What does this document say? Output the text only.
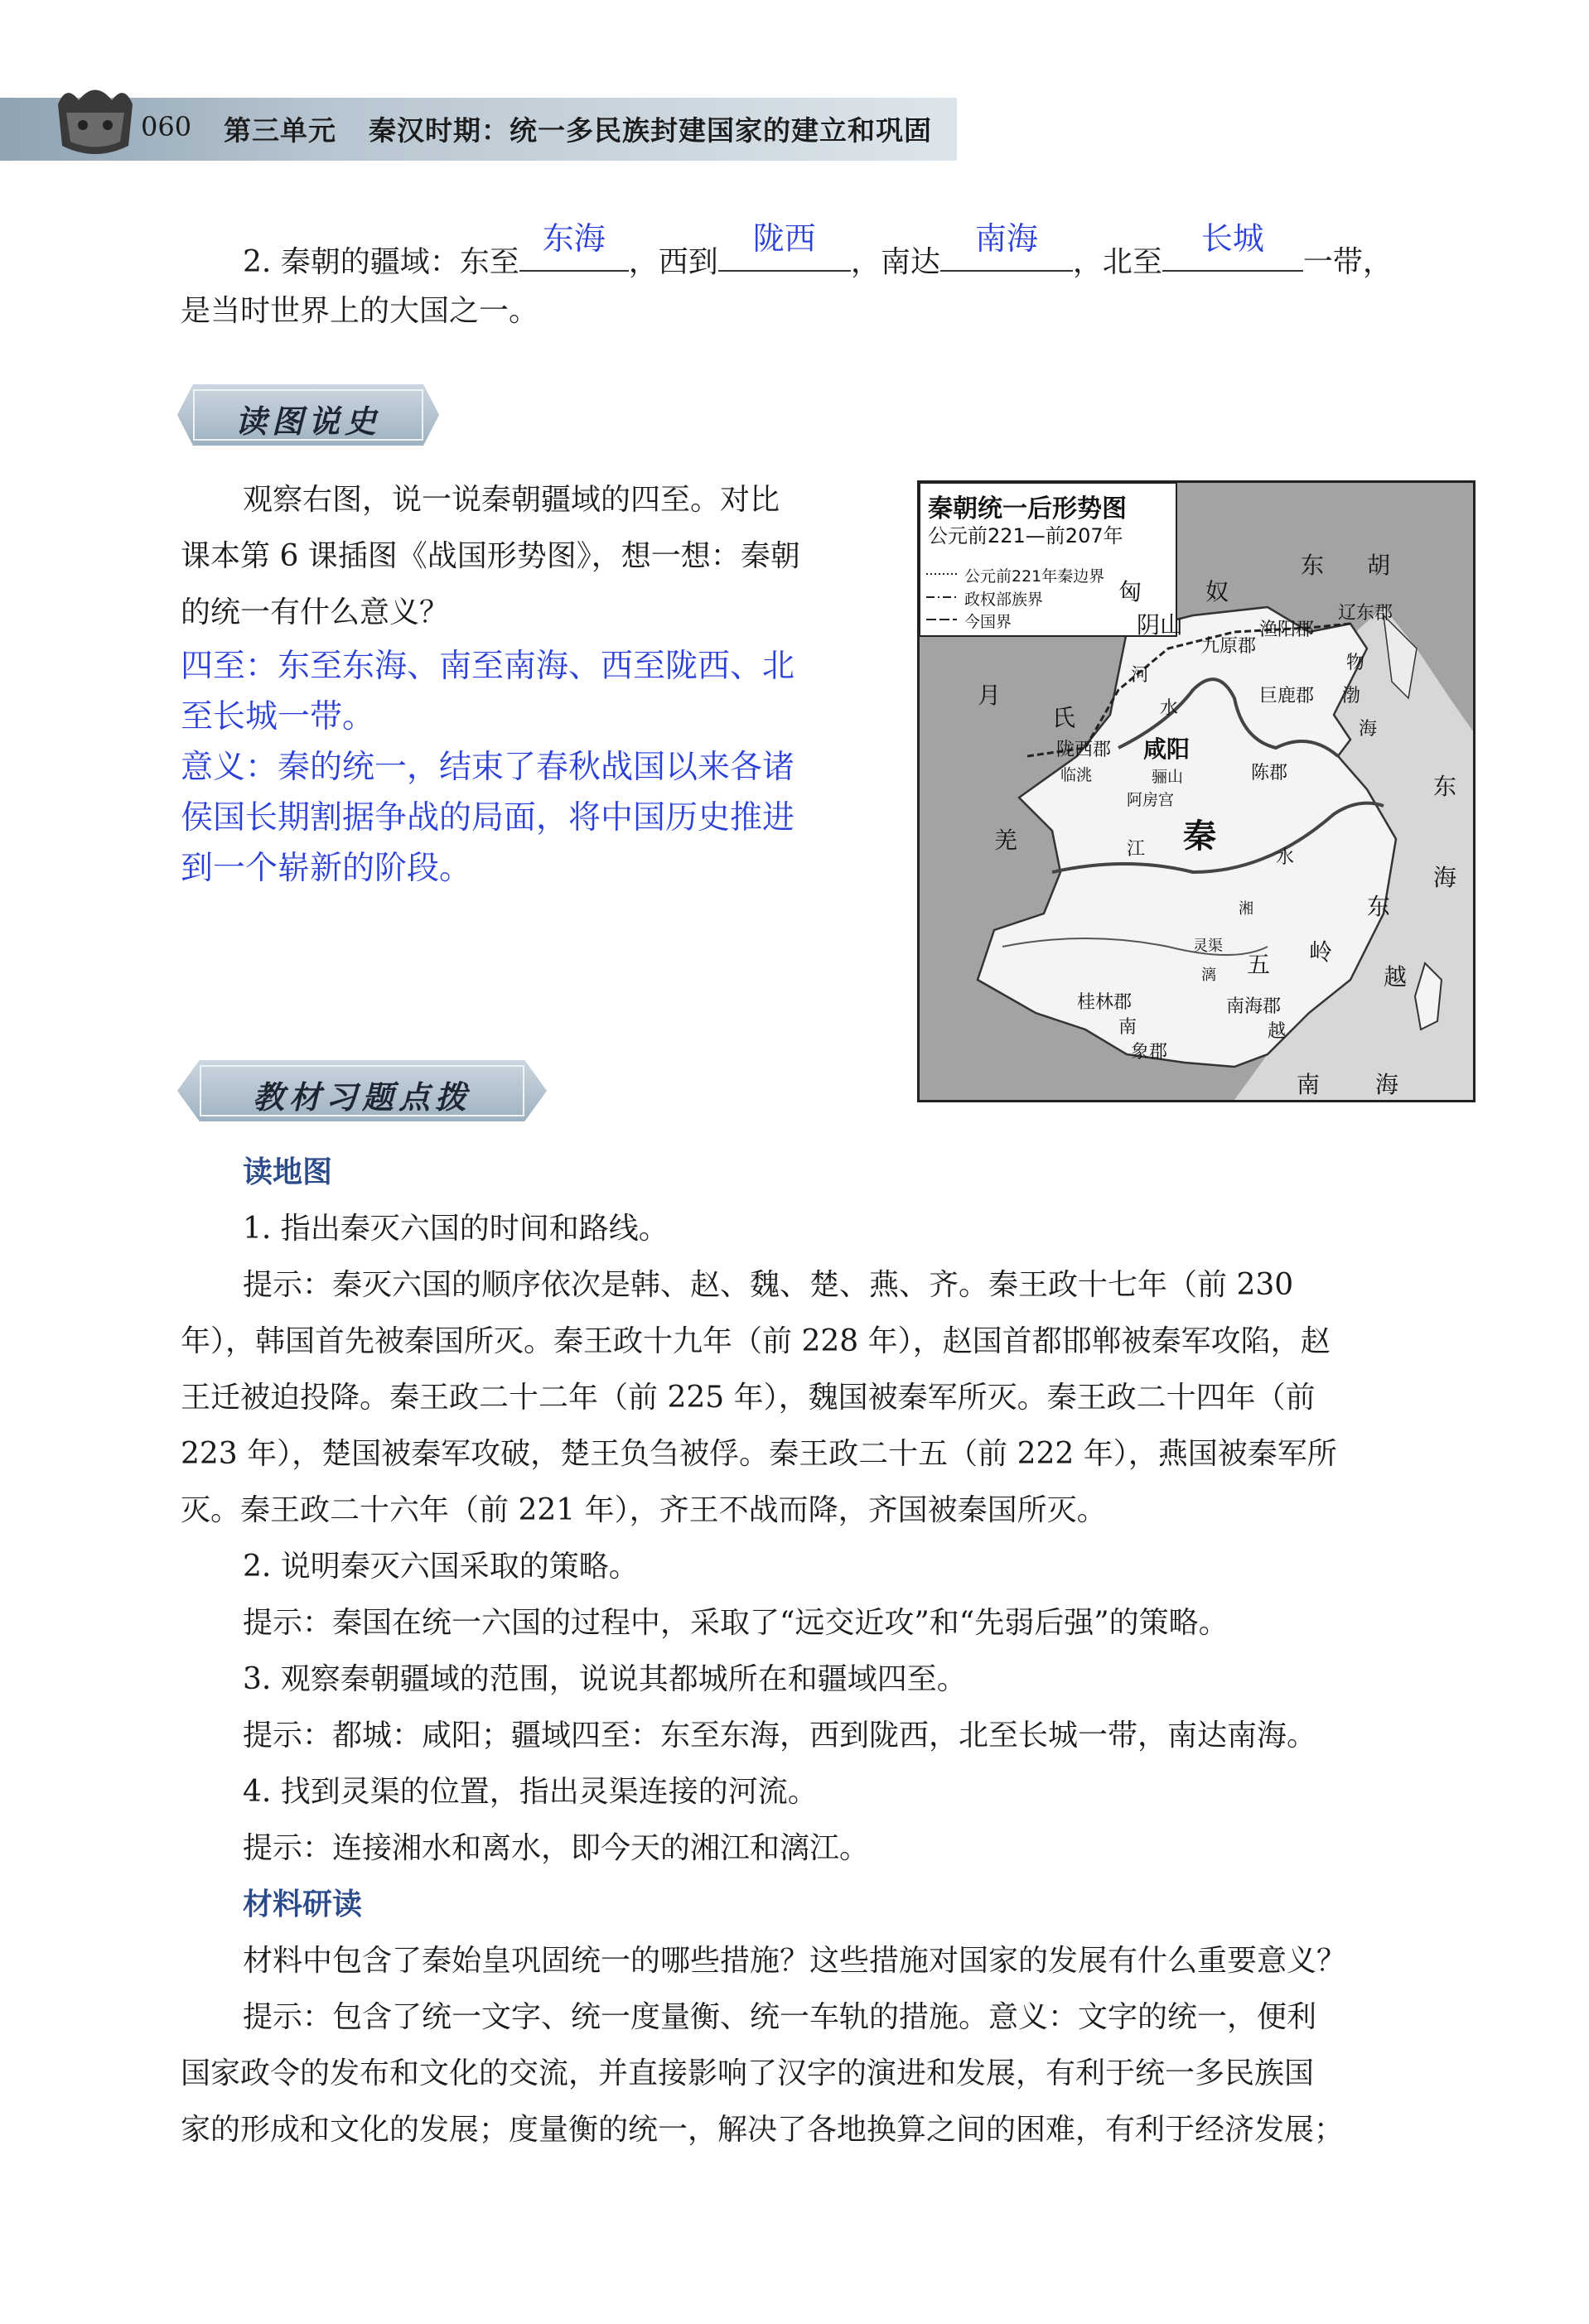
060 第三单元 秦汉时期：统一多民族封建国家的建立和巩固
2. 秦朝的疆域：东至
东海
，西到
陇西
，南达
南海
，北至
长城
一带，
是当时世界上的大国之一。
读图说史
观察右图，说一说秦朝疆域的四至。对比
课本第 6 课插图《战国形势图》，想一想：秦朝
的统一有什么意义？
四至：东至东海、南至南海、西至陇西、北
至长城一带。
意义：秦的统一，结束了春秋战国以来各诸
侯国长期割据争战的局面，将中国历史推进
到一个崭新的阶段。
秦朝统一后形势图
公元前221—前207年
公元前221年秦边界
政权部族界
今国界
匈	奴
东 胡
阴山
九原郡
渔阳郡
辽东郡
物
月
氏
河
巨鹿郡 渤
海
水
陇西郡 咸阳
临洮	骊山
阿房宫
陈郡
羌	秦
江	水
东
海
湘	东
越
五 岭
灵渠
漓
桂林郡	南海郡
南	越
象郡
南 海
教材习题点拨
读地图
1. 指出秦灭六国的时间和路线。
提示：秦灭六国的顺序依次是韩、赵、魏、楚、燕、齐。秦王政十七年（前 230
年），韩国首先被秦国所灭。秦王政十九年（前 228 年），赵国首都邯郸被秦军攻陷，赵
王迁被迫投降。秦王政二十二年（前 225 年），魏国被秦军所灭。秦王政二十四年（前
223 年），楚国被秦军攻破，楚王负刍被俘。秦王政二十五（前 222 年），燕国被秦军所
灭。秦王政二十六年（前 221 年），齐王不战而降，齐国被秦国所灭。
2. 说明秦灭六国采取的策略。
提示：秦国在统一六国的过程中，采取了“远交近攻”和“先弱后强”的策略。
3. 观察秦朝疆域的范围，说说其都城所在和疆域四至。
提示：都城：咸阳；疆域四至：东至东海，西到陇西，北至长城一带，南达南海。
4. 找到灵渠的位置，指出灵渠连接的河流。
提示：连接湘水和离水，即今天的湘江和漓江。
材料研读
材料中包含了秦始皇巩固统一的哪些措施？这些措施对国家的发展有什么重要意义？
提示：包含了统一文字、统一度量衡、统一车轨的措施。意义：文字的统一，便利
国家政令的发布和文化的交流，并直接影响了汉字的演进和发展，有利于统一多民族国
家的形成和文化的发展；度量衡的统一，解决了各地换算之间的困难，有利于经济发展；
